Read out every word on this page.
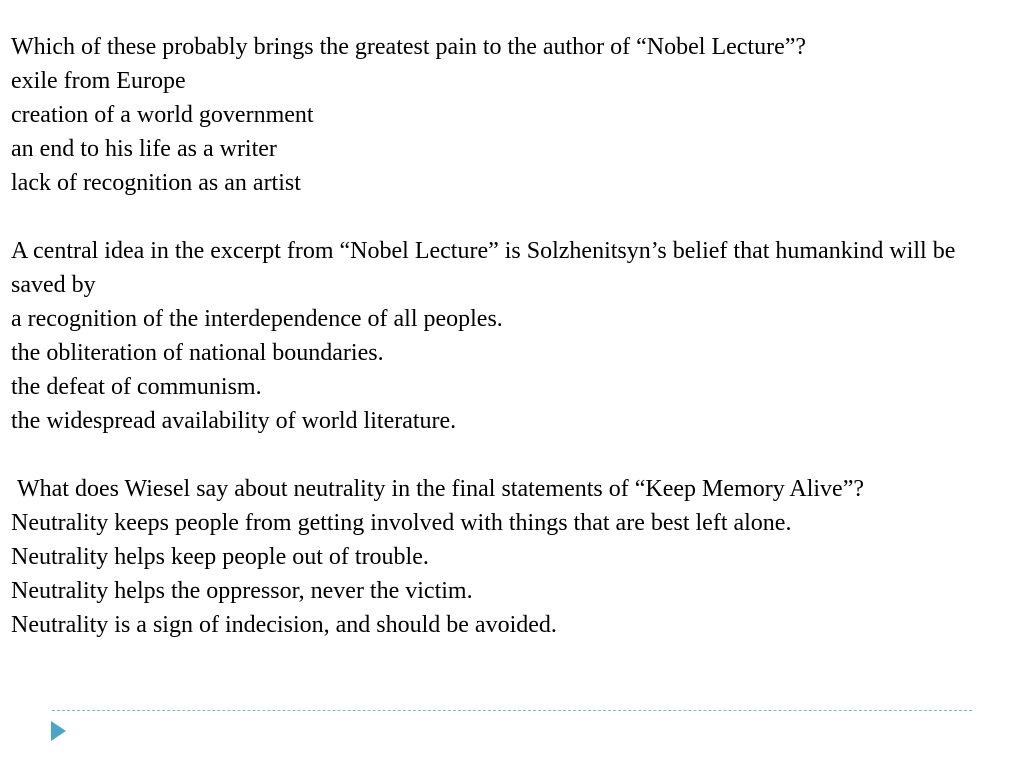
Which of these probably brings the greatest pain to the author of “Nobel Lecture”?

exile from Europe

creation of a world government

an end to his life as a writer

lack of recognition as an artist

A central idea in the excerpt from “Nobel Lecture” is Solzhenitsyn’s belief that humankind will be saved by

a recognition of the interdependence of all peoples.

the obliteration of national boundaries.

the defeat of communism.

the widespread availability of world literature.

What does Wiesel say about neutrality in the final statements of “Keep Memory Alive”?

Neutrality keeps people from getting involved with things that are best left alone.

Neutrality helps keep people out of trouble.

Neutrality helps the oppressor, never the victim.

Neutrality is a sign of indecision, and should be avoided.
